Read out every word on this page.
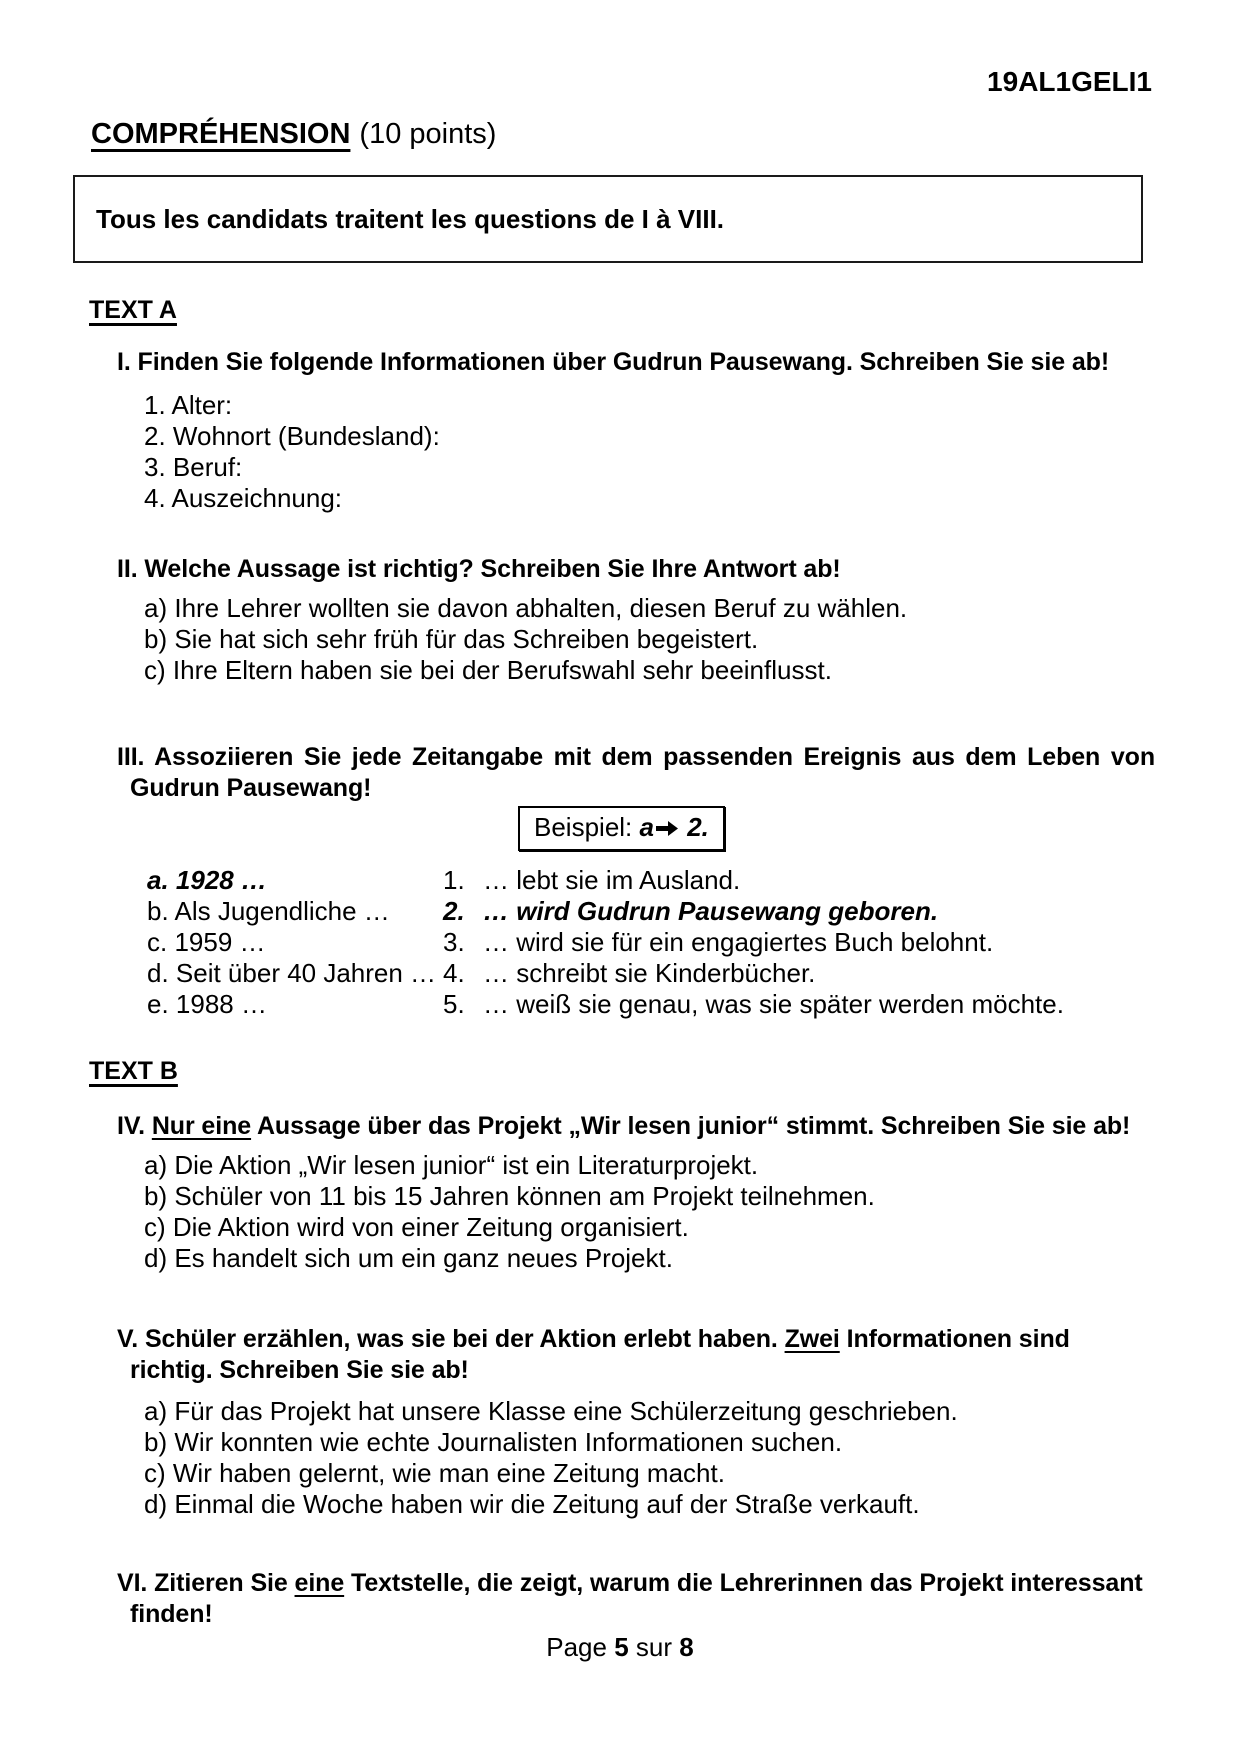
19AL1GELI1
COMPRÉHENSION (10 points)

Tous les candidats traitent les questions de I à VIII.

TEXT A
I. Finden Sie folgende Informationen über Gudrun Pausewang. Schreiben Sie sie ab!
1. Alter:
2. Wohnort (Bundesland):
3. Beruf:
4. Auszeichnung:
II. Welche Aussage ist richtig? Schreiben Sie Ihre Antwort ab!
a) Ihre Lehrer wollten sie davon abhalten, diesen Beruf zu wählen.
b) Sie hat sich sehr früh für das Schreiben begeistert.
c) Ihre Eltern haben sie bei der Berufswahl sehr beeinflusst.
III. Assoziieren Sie jede Zeitangabe mit dem passenden Ereignis aus dem Leben von Gudrun Pausewang!
Beispiel: a 2.
a. 1928 …	1. … lebt sie im Ausland.
b. Als Jugendliche …	2. … wird Gudrun Pausewang geboren.
c. 1959 …	3. … wird sie für ein engagiertes Buch belohnt.
d. Seit über 40 Jahren … 4. … schreibt sie Kinderbücher.
e. 1988 …	5. … weiß sie genau, was sie später werden möchte.
TEXT B
IV. Nur eine Aussage über das Projekt „Wir lesen junior“ stimmt. Schreiben Sie sie ab!
a) Die Aktion „Wir lesen junior“ ist ein Literaturprojekt.
b) Schüler von 11 bis 15 Jahren können am Projekt teilnehmen.
c) Die Aktion wird von einer Zeitung organisiert.
d) Es handelt sich um ein ganz neues Projekt.
V. Schüler erzählen, was sie bei der Aktion erlebt haben. Zwei Informationen sind richtig. Schreiben Sie sie ab!
a) Für das Projekt hat unsere Klasse eine Schülerzeitung geschrieben.
b) Wir konnten wie echte Journalisten Informationen suchen.
c) Wir haben gelernt, wie man eine Zeitung macht.
d) Einmal die Woche haben wir die Zeitung auf der Straße verkauft.
VI. Zitieren Sie eine Textstelle, die zeigt, warum die Lehrerinnen das Projekt interessant finden!
Page 5 sur 8
